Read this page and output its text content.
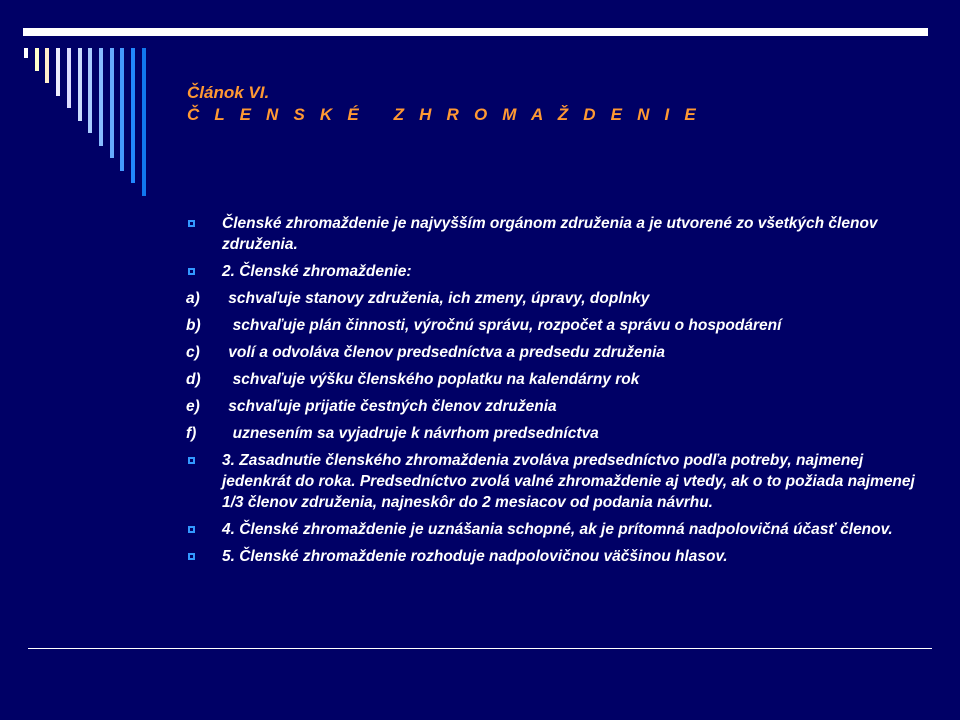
Článok VI.
Č L E N S K É   Z H R O M A Ž D E N I E
Členské zhromaždenie je najvyšším orgánom združenia a je utvorené zo všetkých členov združenia.
2. Členské zhromaždenie:
a) schvaľuje stanovy združenia, ich zmeny, úpravy, doplnky
b)  schvaľuje plán činnosti, výročnú správu, rozpočet a správu o hospodárení
c) volí a odvoláva členov predsedníctva a predsedu združenia
d)  schvaľuje výšku členského poplatku na kalendárny rok
e) schvaľuje prijatie čestných členov združenia
f)  uznesením sa vyjadruje k návrhom predsedníctva
3. Zasadnutie členského zhromaždenia zvoláva predsedníctvo podľa potreby, najmenej jedenkrát do roka. Predsedníctvo zvolá valné zhromaždenie aj vtedy, ak o to požiada najmenej 1/3 členov združenia, najneskôr do 2 mesiacov od podania návrhu.
4. Členské zhromaždenie je uznášania schopné, ak je prítomná nadpolovičná účasť členov.
5. Členské zhromaždenie rozhoduje nadpolovičnou väčšinou hlasov.
